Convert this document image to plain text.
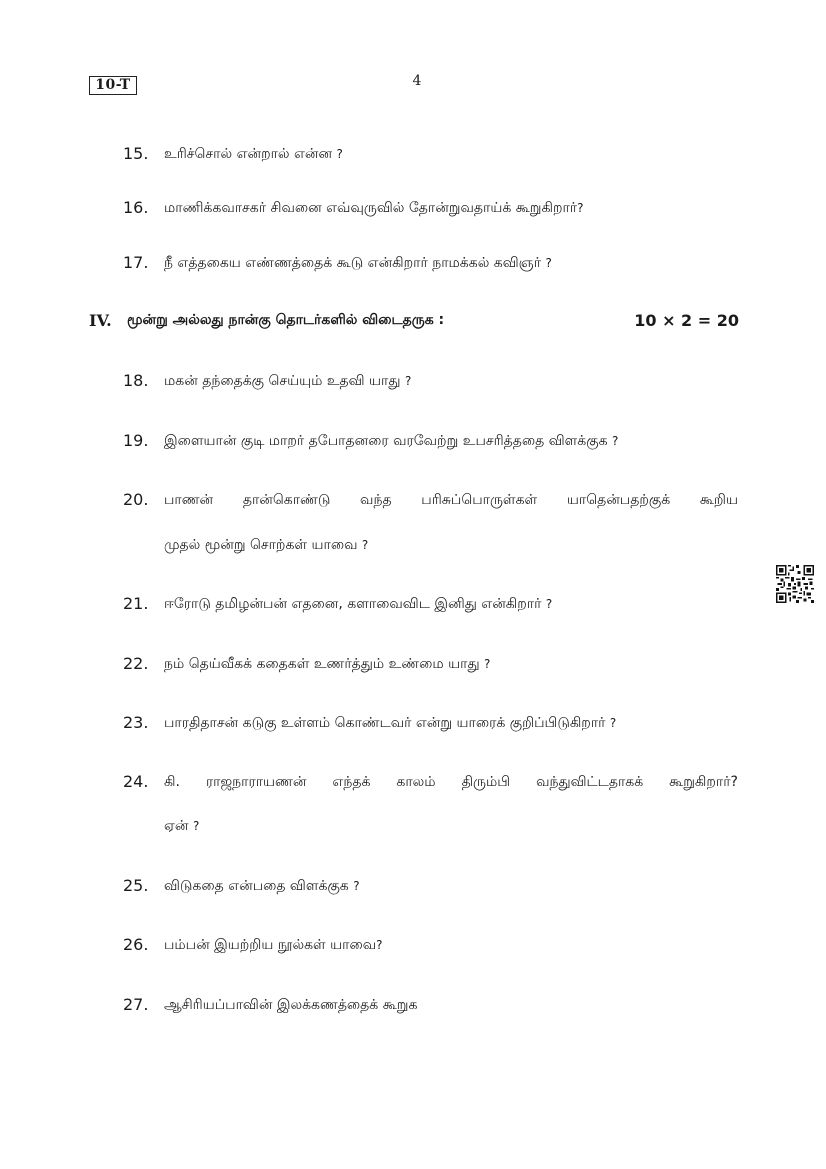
10-T	4
15. உரிச்சொல் என்றால் என்ன ?
16. மாணிக்கவாசகர் சிவனை எவ்வுருவில் தோன்றுவதாய்க் கூறுகிறார்?
17. நீ எத்தகைய எண்ணத்தைக் கூடு என்கிறார் நாமக்கல் கவிஞர் ?
IV. மூன்று அல்லது நான்கு தொடர்களில் விடைதருக :	10 × 2 = 20
18. மகன் தந்தைக்கு செய்யும் உதவி யாது ?
19. இளையான் குடி மாறர் தபோதனரை வரவேற்று உபசரித்ததை விளக்குக ?
20. பாணன் தான்கொண்டு வந்த பரிசுப்பொருள்கள் யாதென்பதற்குக் கூறிய
முதல் மூன்று சொற்கள் யாவை ?
21. ஈரோடு தமிழன்பன் எதனை, களாவைவிட இனிது என்கிறார் ?
22. நம் தெய்வீகக் கதைகள் உணர்த்தும் உண்மை யாது ?
23. பாரதிதாசன் கடுகு உள்ளம் கொண்டவர் என்று யாரைக் குறிப்பிடுகிறார் ?
24. கி. ராஜநாராயணன் எந்தக் காலம் திரும்பி வந்துவிட்டதாகக் கூறுகிறார்?
ஏன் ?
25. விடுகதை என்பதை விளக்குக ?
26. பம்பன் இயற்றிய நூல்கள் யாவை?
27. ஆசிரியப்பாவின் இலக்கணத்தைக் கூறுக
